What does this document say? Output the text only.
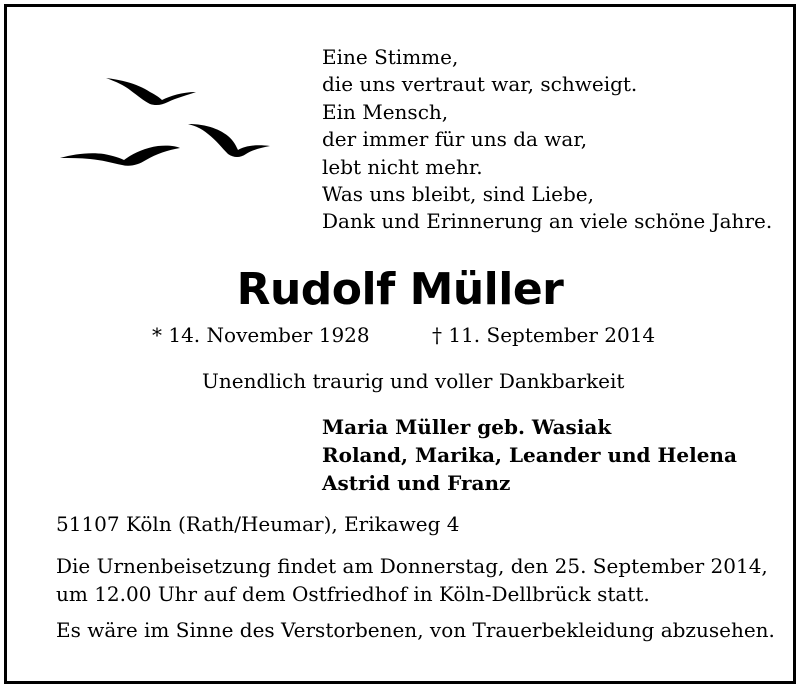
Eine Stimme,
die uns vertraut war, schweigt.
Ein Mensch,
der immer für uns da war,
lebt nicht mehr.
Was uns bleibt, sind Liebe,
Dank und Erinnerung an viele schöne Jahre.
Rudolf Müller
* 14. November 1928	† 11. September 2014
Unendlich traurig und voller Dankbarkeit
Maria Müller geb. Wasiak
Roland, Marika, Leander und Helena
Astrid und Franz
51107 Köln (Rath/Heumar), Erikaweg 4
Die Urnenbeisetzung findet am Donnerstag, den 25. September 2014,
um 12.00 Uhr auf dem Ostfriedhof in Köln-Dellbrück statt.
Es wäre im Sinne des Verstorbenen, von Trauerbekleidung abzusehen.
